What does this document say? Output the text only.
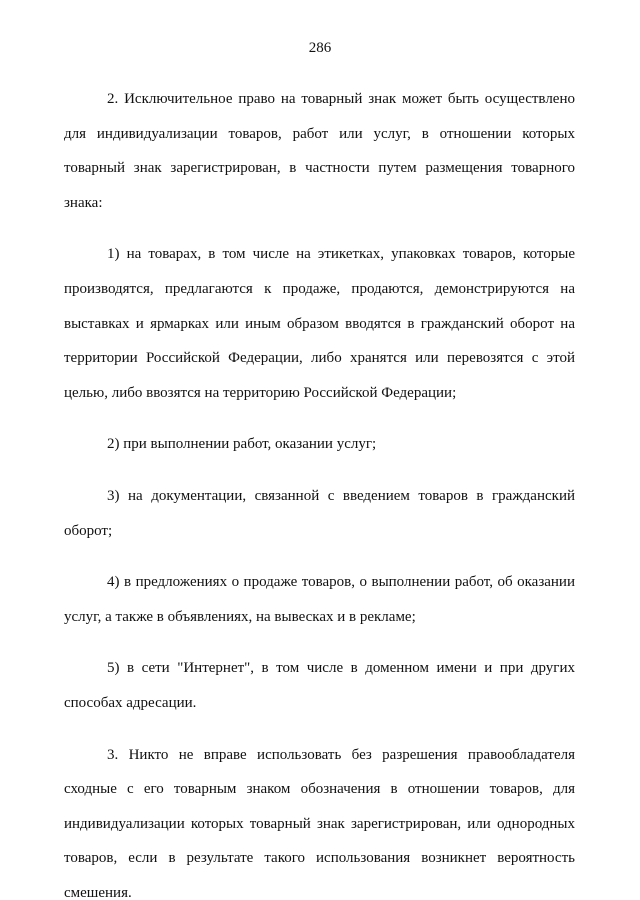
286

2. Исключительное право на товарный знак может быть осуществлено для индивидуализации товаров, работ или услуг, в отношении которых товарный знак зарегистрирован, в частности путем размещения товарного знака:

1) на товарах, в том числе на этикетках, упаковках товаров, которые производятся, предлагаются к продаже, продаются, демонстрируются на выставках и ярмарках или иным образом вводятся в гражданский оборот на территории Российской Федерации, либо хранятся или перевозятся с этой целью, либо ввозятся на территорию Российской Федерации;

2) при выполнении работ, оказании услуг;

3) на документации, связанной с введением товаров в гражданский оборот;

4) в предложениях о продаже товаров, о выполнении работ, об оказании услуг, а также в объявлениях, на вывесках и в рекламе;

5) в сети "Интернет", в том числе в доменном имени и при других способах адресации.

3. Никто не вправе использовать без разрешения правообладателя сходные с его товарным знаком обозначения в отношении товаров, для индивидуализации которых товарный знак зарегистрирован, или однородных товаров, если в результате такого использования возникнет вероятность смешения.
